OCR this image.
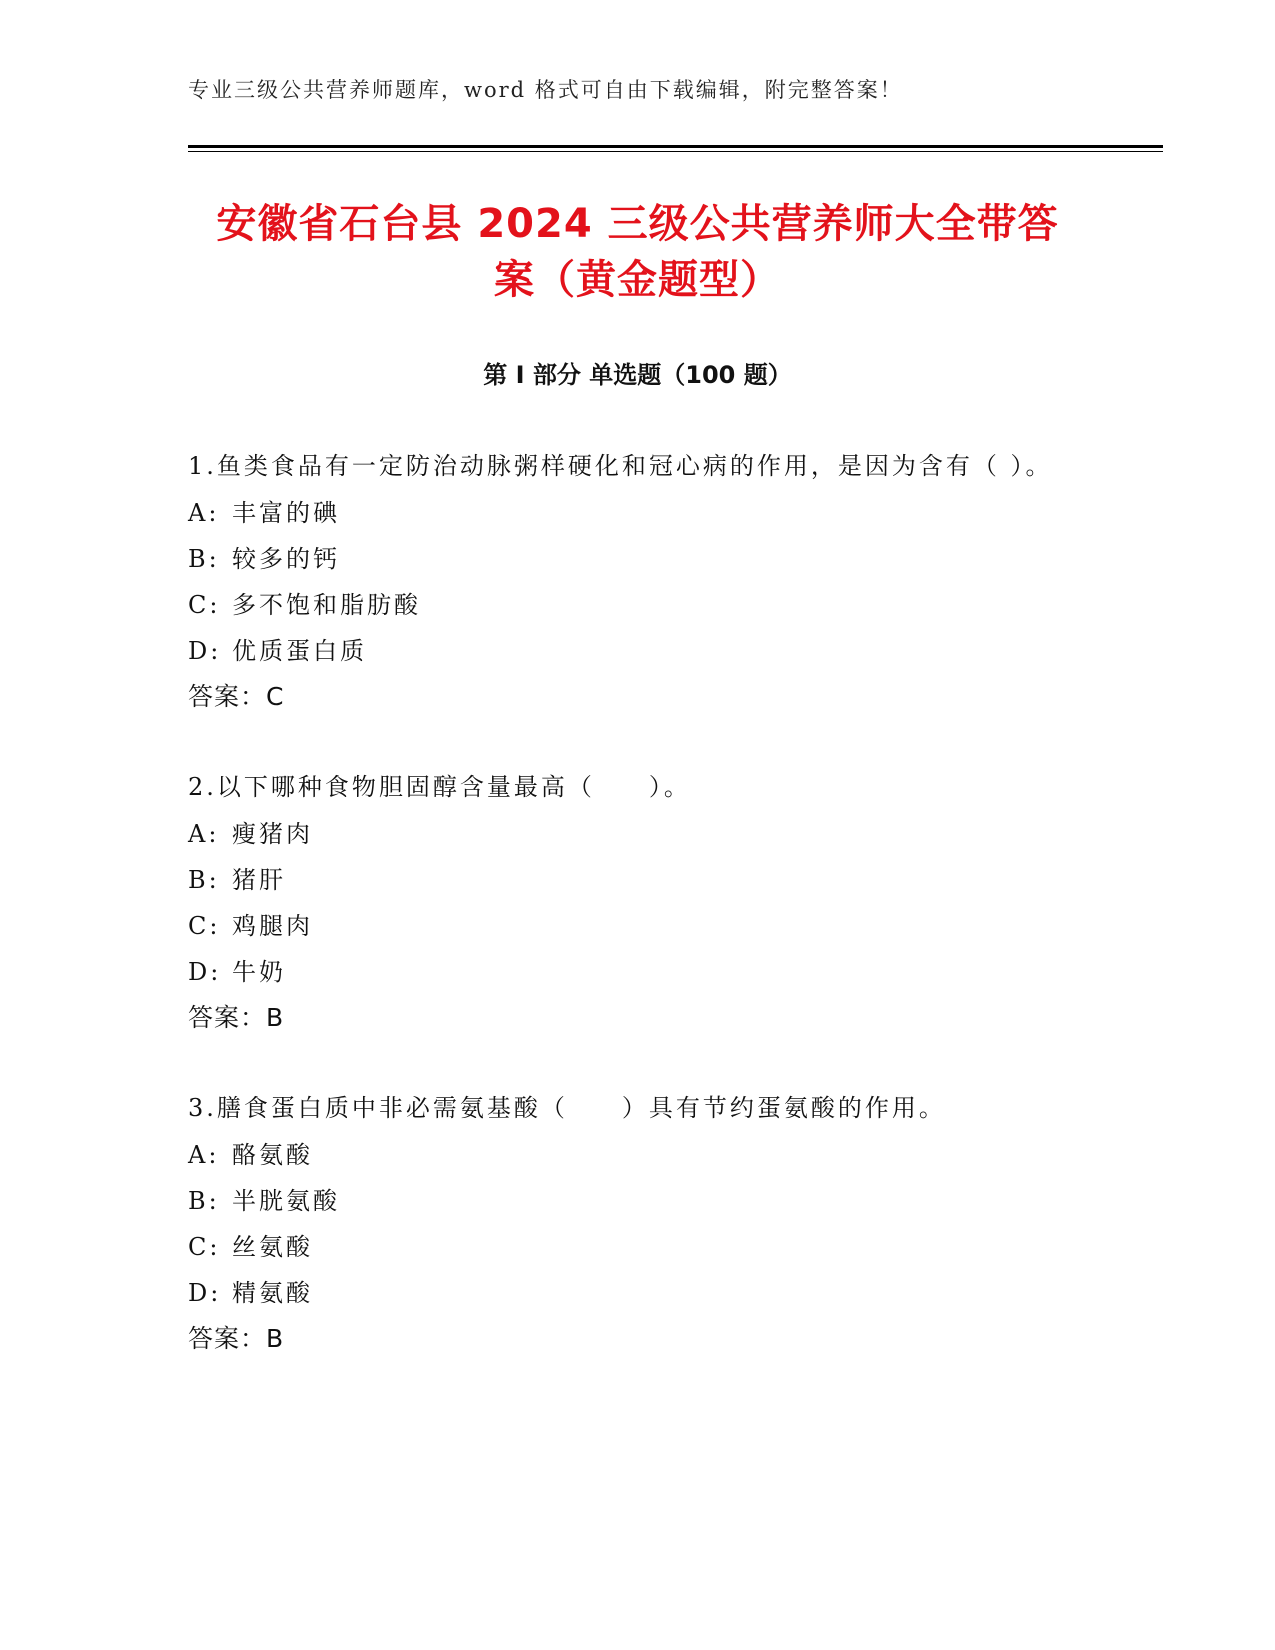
专业三级公共营养师题库，word 格式可自由下载编辑，附完整答案！
安徽省石台县 2024 三级公共营养师大全带答
案（黄金题型）
第 I 部分 单选题（100 题）

1.鱼类食品有一定防治动脉粥样硬化和冠心病的作用，是因为含有（ ）。

A: 丰富的碘

B: 较多的钙

C: 多不饱和脂肪酸

D: 优质蛋白质

答案：C

2.以下哪种食物胆固醇含量最高（　　）。

A: 瘦猪肉

B: 猪肝

C: 鸡腿肉

D: 牛奶

答案：B

3.膳食蛋白质中非必需氨基酸（　　）具有节约蛋氨酸的作用。

A: 酪氨酸

B: 半胱氨酸

C: 丝氨酸

D: 精氨酸

答案：B
